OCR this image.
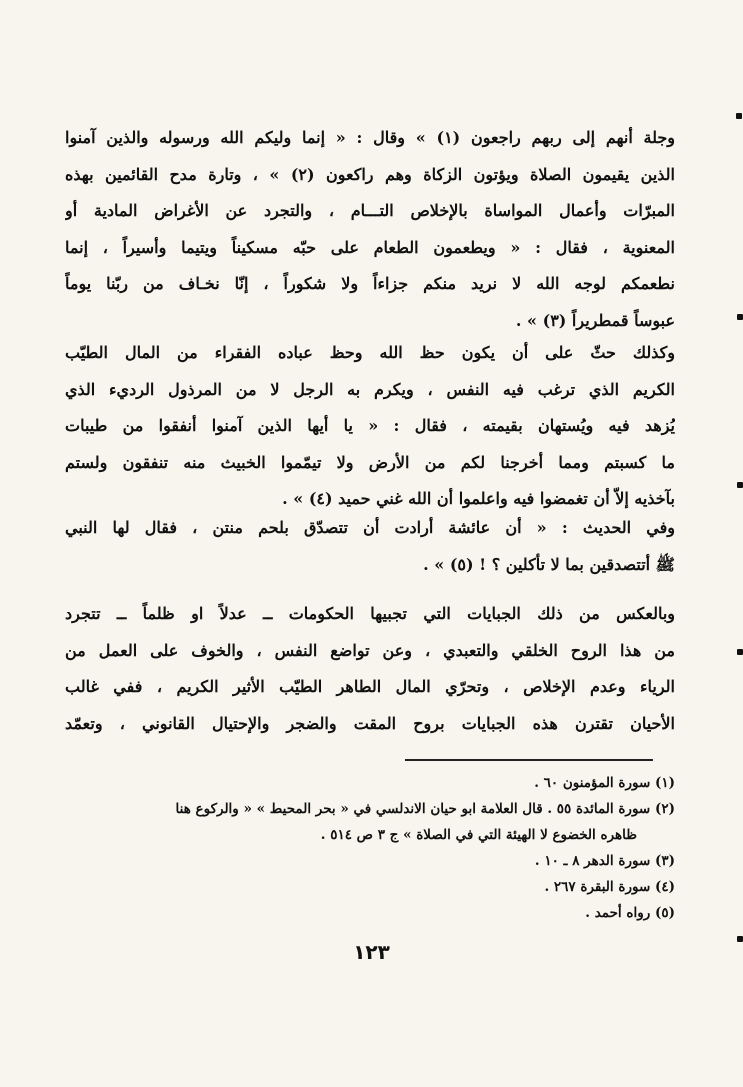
وجلة أنهم إلى ربهم راجعون (١) » وقال : « إنما وليكم الله ورسوله والذين آمنوا
الذين يقيمون الصلاة ويؤتون الزكاة وهم راكعون (٢) » ، وتارة مدح القائمين بهذه
المبرّات وأعمال المواساة بالإخلاص التـــام ، والتجرد عن الأغراض المادية أو
المعنوية ، فقال : « ويطعمون الطعام على حبّه مسكيناً ويتيما وأسيراً ، إنما
نطعمكم لوجه الله لا نريد منكم جزاءاً ولا شكوراً ، إنّا نخـاف من ربّنا يوماً
عبوساً قمطريراً (٣) » .
وكذلك حثّ على أن يكون حظ الله وحظ عباده الفقراء من المال الطيّب
الكريم الذي ترغب فيه النفس ، ويكرم به الرجل لا من المرذول الرديء الذي
يُزهد فيه ويُستهان بقيمته ، فقال : « يا أيها الذين آمنوا أنفقوا من طيبات
ما كسبتم ومما أخرجنا لكم من الأرض ولا تيمّموا الخبيث منه تنفقون ولستم
بآخذيه إلاّ أن تغمضوا فيه واعلموا أن الله غني حميد (٤) » .
وفي الحديث : « أن عائشة أرادت أن تتصدّق بلحم منتن ، فقال لها النبي
ﷺ أتتصدقين بما لا تأكلين ؟ ! (٥) » .
وبالعكس من ذلك الجبايات التي تجبيها الحكومات ــ عدلاً او ظلماً ــ تتجرد
من هذا الروح الخلقي والتعبدي ، وعن تواضع النفس ، والخوف على العمل من
الرياء وعدم الإخلاص ، وتحرّي المال الطاهر الطيّب الأثير الكريم ، ففي غالب
الأحيان تقترن هذه الجبايات بروح المقت والضجر والإحتيال القانوني ، وتعمّد
(١) سورة المؤمنون ٦٠ .
(٢) سورة المائدة ٥٥ . قال العلامة ابو حيان الاندلسي في « بحر المحيط » « والركوع هنا
ظاهره الخضوع لا الهيئة التي في الصلاة » ج ٣ ص ٥١٤ .
(٣) سورة الدهر ٨ ـ ١٠ .
(٤) سورة البقرة ٢٦٧ .
(٥) رواه أحمد .
١٢٣
